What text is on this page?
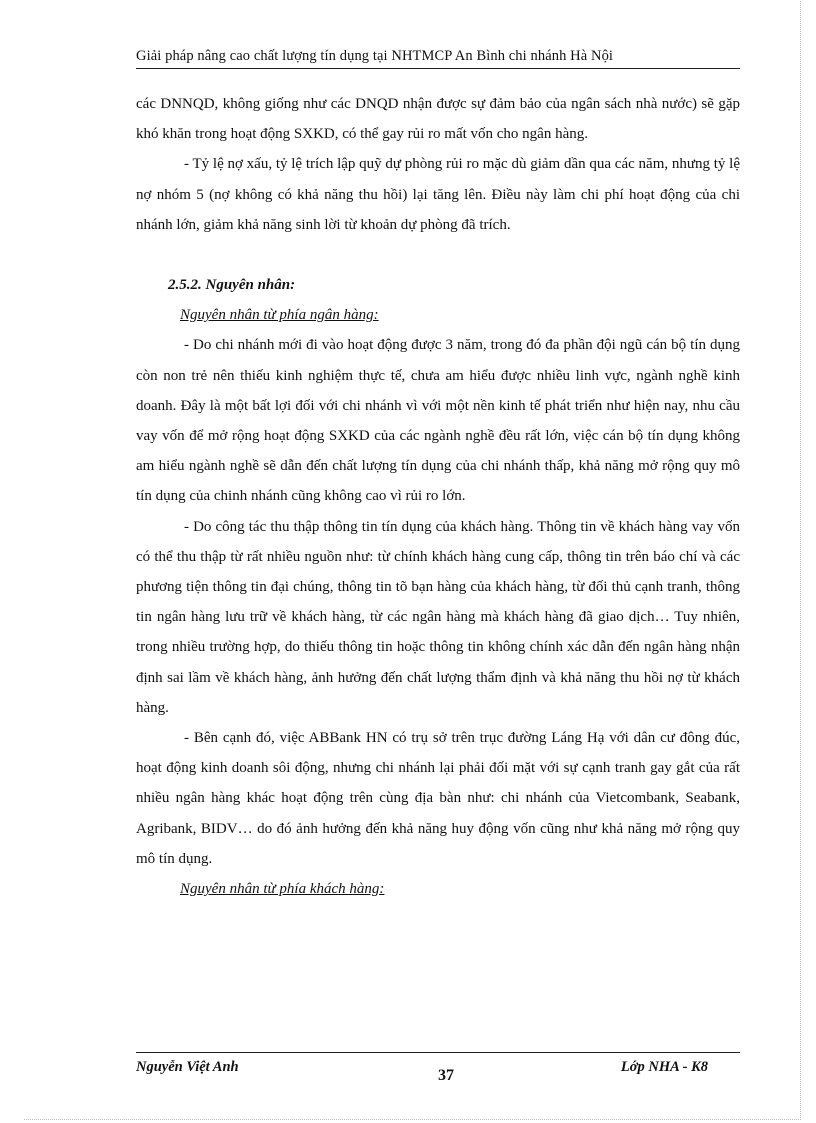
Giải pháp nâng cao chất lượng tín dụng tại NHTMCP An Bình chi nhánh Hà Nội

các DNNQD, không giống như các DNQD nhận được sự đảm bảo của ngân sách nhà nước) sẽ gặp khó khăn trong hoạt động SXKD, có thể gay rủi ro mất vốn cho ngân hàng.

- Tỷ lệ nợ xấu, tỷ lệ trích lập quỹ dự phòng rủi ro mặc dù giảm dần qua các năm, nhưng tỷ lệ nợ nhóm 5 (nợ không có khả năng thu hồi) lại tăng lên. Điều này làm chi phí hoạt động của chi nhánh lớn, giảm khả năng sinh lời từ khoản dự phòng đã trích.

2.5.2. Nguyên nhân:

Nguyên nhân từ phía ngân hàng:

- Do chi nhánh mới đi vào hoạt động được 3 năm, trong đó đa phần đội ngũ cán bộ tín dụng còn non trẻ nên thiếu kinh nghiệm thực tế, chưa am hiểu được nhiều linh vực, ngành nghề kinh doanh. Đây là một bất lợi đối với chi nhánh vì với một nền kinh tế phát triển như hiện nay, nhu cầu vay vốn để mở rộng hoạt động SXKD của các ngành nghề đều rất lớn, việc cán bộ tín dụng không am hiểu ngành nghề sẽ dẫn đến chất lượng tín dụng của chi nhánh thấp, khả năng mở rộng quy mô tín dụng của chinh nhánh cũng không cao vì rủi ro lớn.

- Do công tác thu thập thông tin tín dụng của khách hàng. Thông tin về khách hàng vay vốn có thể thu thập từ rất nhiều nguồn như: từ chính khách hàng cung cấp, thông tin trên báo chí và các phương tiện thông tin đại chúng, thông tin tõ bạn hàng của khách hàng, từ đối thủ cạnh tranh, thông tin ngân hàng lưu trữ về khách hàng, từ các ngân hàng mà khách hàng đã giao dịch… Tuy nhiên, trong nhiều trường hợp, do thiếu thông tin hoặc thông tin không chính xác dẫn đến ngân hàng nhận định sai lầm về khách hàng, ảnh hưởng đến chất lượng thẩm định và khả năng thu hồi nợ từ khách hàng.

- Bên cạnh đó, việc ABBank HN có trụ sở trên trục đường Láng Hạ với dân cư đông đúc, hoạt động kinh doanh sôi động, nhưng chi nhánh lại phải đối mặt với sự cạnh tranh gay gắt của rất nhiều ngân hàng khác hoạt động trên cùng địa bàn như: chi nhánh của Vietcombank, Seabank, Agribank, BIDV… do đó ảnh hưởng đến khả năng huy động vốn cũng như khả năng mở rộng quy mô tín dụng.

Nguyên nhân từ phía khách hàng:

Nguyễn Việt Anh	37	Lớp NHA - K8
